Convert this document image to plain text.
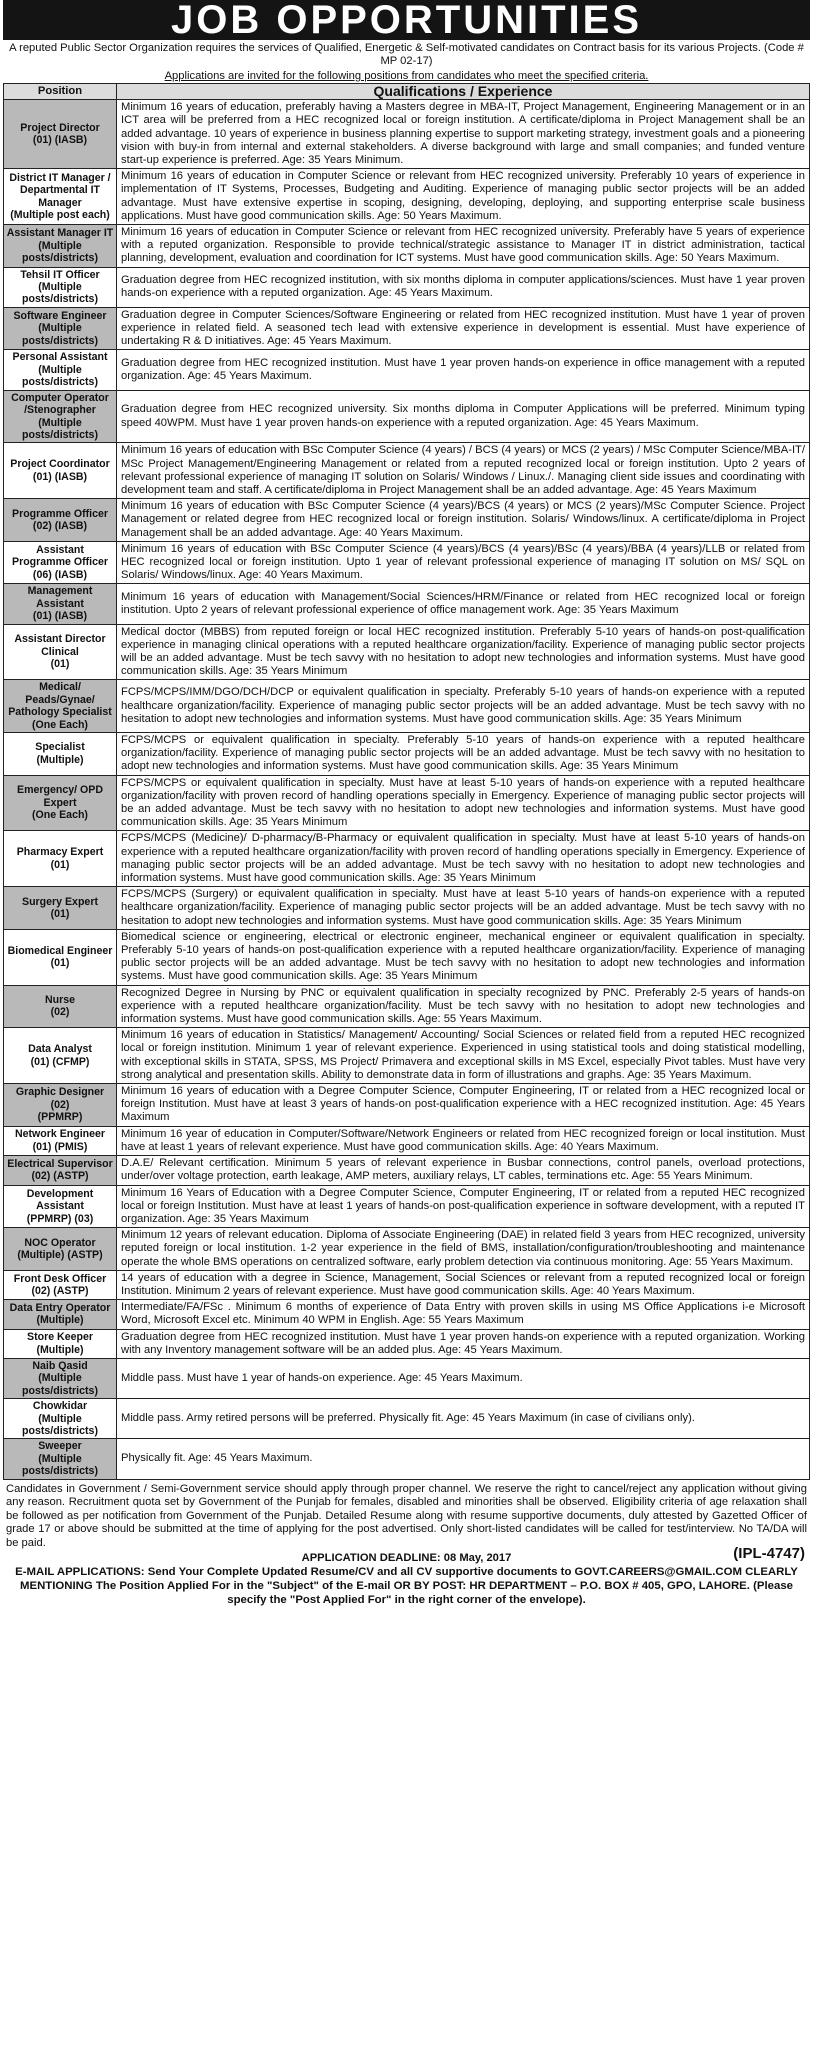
JOB OPPORTUNITIES
A reputed Public Sector Organization requires the services of Qualified, Energetic & Self-motivated candidates on Contract basis for its various Projects. (Code # MP 02-17)
Applications are invited for the following positions from candidates who meet the specified criteria.
Position	Qualifications / Experience

Project Director
(01) (IASB)	Minimum 16 years of education, preferably having a Masters degree in MBA-IT, Project Management, Engineering Management or in an ICT area will be preferred from a HEC recognized local or foreign institution. A certificate/diploma in Project Management shall be an added advantage. 10 years of experience in business planning expertise to support marketing strategy, investment goals and a pioneering vision with buy-in from internal and external stakeholders. A diverse background with large and small companies; and funded venture start-up experience is preferred. Age: 35 Years Minimum.

District IT Manager / Departmental IT Manager
(Multiple post each)	Minimum 16 years of education in Computer Science or relevant from HEC recognized university. Preferably 10 years of experience in implementation of IT Systems, Processes, Budgeting and Auditing. Experience of managing public sector projects will be an added advantage. Must have extensive expertise in scoping, designing, developing, deploying, and supporting enterprise scale business applications. Must have good communication skills. Age: 50 Years Maximum.

Assistant Manager IT
(Multiple posts/districts)	Minimum 16 years of education in Computer Science or relevant from HEC recognized university. Preferably have 5 years of experience with a reputed organization. Responsible to provide technical/strategic assistance to Manager IT in district administration, tactical planning, development, evaluation and coordination for ICT systems. Must have good communication skills. Age: 50 Years Maximum.

Tehsil IT Officer
(Multiple posts/districts)	Graduation degree from HEC recognized institution, with six months diploma in computer applications/sciences. Must have 1 year proven hands-on experience with a reputed organization. Age: 45 Years Maximum.

Software Engineer
(Multiple posts/districts)	Graduation degree in Computer Sciences/Software Engineering or related from HEC recognized institution. Must have 1 year of proven experience in related field. A seasoned tech lead with extensive experience in development is essential. Must have experience of undertaking R & D initiatives. Age: 45 Years Maximum.

Personal Assistant
(Multiple posts/districts)	Graduation degree from HEC recognized institution. Must have 1 year proven hands-on experience in office management with a reputed organization. Age: 45 Years Maximum.

Computer Operator /Stenographer
(Multiple posts/districts)	Graduation degree from HEC recognized university. Six months diploma in Computer Applications will be preferred. Minimum typing speed 40WPM. Must have 1 year proven hands-on experience with a reputed organization. Age: 45 Years Maximum.

Project Coordinator
(01) (IASB)	Minimum 16 years of education with BSc Computer Science (4 years) / BCS (4 years) or MCS (2 years) / MSc Computer Science/MBA-IT/ MSc Project Management/Engineering Management or related from a reputed recognized local or foreign institution. Upto 2 years of relevant professional experience of managing IT solution on Solaris/ Windows / Linux./. Managing client side issues and coordinating with development team and staff. A certificate/diploma in Project Management shall be an added advantage. Age: 45 Years Maximum

Programme Officer
(02) (IASB)	Minimum 16 years of education with BSc Computer Science (4 years)/BCS (4 years) or MCS (2 years)/MSc Computer Science. Project Management or related degree from HEC recognized local or foreign institution. Solaris/ Windows/linux. A certificate/diploma in Project Management shall be an added advantage. Age: 40 Years Maximum.

Assistant Programme Officer
(06) (IASB)	Minimum 16 years of education with BSc Computer Science (4 years)/BCS (4 years)/BSc (4 years)/BBA (4 years)/LLB or related from HEC recognized local or foreign institution. Upto 1 year of relevant professional experience of managing IT solution on MS/ SQL on Solaris/ Windows/linux. Age: 40 Years Maximum.

Management Assistant
(01) (IASB)	Minimum 16 years of education with Management/Social Sciences/HRM/Finance or related from HEC recognized local or foreign institution. Upto 2 years of relevant professional experience of office management work. Age: 35 Years Maximum

Assistant Director Clinical
(01)	Medical doctor (MBBS) from reputed foreign or local HEC recognized institution. Preferably 5-10 years of hands-on post-qualification experience in managing clinical operations with a reputed healthcare organization/facility. Experience of managing public sector projects will be an added advantage. Must be tech savvy with no hesitation to adopt new technologies and information systems. Must have good communication skills. Age: 35 Years Minimum

Medical/ Peads/Gynae/ Pathology Specialist
(One Each)	FCPS/MCPS/IMM/DGO/DCH/DCP or equivalent qualification in specialty. Preferably 5-10 years of hands-on experience with a reputed healthcare organization/facility. Experience of managing public sector projects will be an added advantage. Must be tech savvy with no hesitation to adopt new technologies and information systems. Must have good communication skills. Age: 35 Years Minimum

Specialist
(Multiple)	FCPS/MCPS or equivalent qualification in specialty. Preferably 5-10 years of hands-on experience with a reputed healthcare organization/facility. Experience of managing public sector projects will be an added advantage. Must be tech savvy with no hesitation to adopt new technologies and information systems. Must have good communication skills. Age: 35 Years Minimum

Emergency/ OPD Expert
(One Each)	FCPS/MCPS or equivalent qualification in specialty. Must have at least 5-10 years of hands-on experience with a reputed healthcare organization/facility with proven record of handling operations specially in Emergency. Experience of managing public sector projects will be an added advantage. Must be tech savvy with no hesitation to adopt new technologies and information systems. Must have good communication skills. Age: 35 Years Minimum

Pharmacy Expert
(01)	FCPS/MCPS (Medicine)/ D-pharmacy/B-Pharmacy or equivalent qualification in specialty. Must have at least 5-10 years of hands-on experience with a reputed healthcare organization/facility with proven record of handling operations specially in Emergency. Experience of managing public sector projects will be an added advantage. Must be tech savvy with no hesitation to adopt new technologies and information systems. Must have good communication skills. Age: 35 Years Minimum

Surgery Expert
(01)	FCPS/MCPS (Surgery) or equivalent qualification in specialty. Must have at least 5-10 years of hands-on experience with a reputed healthcare organization/facility. Experience of managing public sector projects will be an added advantage. Must be tech savvy with no hesitation to adopt new technologies and information systems. Must have good communication skills. Age: 35 Years Minimum

Biomedical Engineer
(01)	Biomedical science or engineering, electrical or electronic engineer, mechanical engineer or equivalent qualification in specialty. Preferably 5-10 years of hands-on post-qualification experience with a reputed healthcare organization/facility. Experience of managing public sector projects will be an added advantage. Must be tech savvy with no hesitation to adopt new technologies and information systems. Must have good communication skills. Age: 35 Years Minimum

Nurse
(02)	Recognized Degree in Nursing by PNC or equivalent qualification in specialty recognized by PNC. Preferably 2-5 years of hands-on experience with a reputed healthcare organization/facility. Must be tech savvy with no hesitation to adopt new technologies and information systems. Must have good communication skills. Age: 55 Years Maximum.

Data Analyst
(01) (CFMP)	Minimum 16 years of education in Statistics/ Management/ Accounting/ Social Sciences or related field from a reputed HEC recognized local or foreign institution. Minimum 1 year of relevant experience. Experienced in using statistical tools and doing statistical modelling, with exceptional skills in STATA, SPSS, MS Project/ Primavera and exceptional skills in MS Excel, especially Pivot tables. Must have very strong analytical and presentation skills. Ability to demonstrate data in form of illustrations and graphs. Age: 35 Years Maximum.

Graphic Designer (02)
(PPMRP)	Minimum 16 years of education with a Degree Computer Science, Computer Engineering, IT or related from a HEC recognized local or foreign Institution. Must have at least 3 years of hands-on post-qualification experience with a HEC recognized institution. Age: 45 Years Maximum

Network Engineer
(01) (PMIS)	Minimum 16 year of education in Computer/Software/Network Engineers or related from HEC recognized foreign or local institution. Must have at least 1 years of relevant experience. Must have good communication skills. Age: 40 Years Maximum.

Electrical Supervisor
(02) (ASTP)	D.A.E/ Relevant certification. Minimum 5 years of relevant experience in Busbar connections, control panels, overload protections, under/over voltage protection, earth leakage, AMP meters, auxiliary relays, LT cables, terminations etc. Age: 55 Years Minimum.

Development Assistant
(PPMRP) (03)	Minimum 16 Years of Education with a Degree Computer Science, Computer Engineering, IT or related from a reputed HEC recognized local or foreign Institution. Must have at least 1 years of hands-on post-qualification experience in software development, with a reputed IT organization. Age: 35 Years Maximum

NOC Operator
(Multiple) (ASTP)	Minimum 12 years of relevant education. Diploma of Associate Engineering (DAE) in related field 3 years from HEC recognized, university reputed foreign or local institution. 1-2 year experience in the field of BMS, installation/configuration/troubleshooting and maintenance operate the whole BMS operations on centralized software, early problem detection via continuous monitoring. Age: 55 Years Maximum.

Front Desk Officer
(02) (ASTP)	14 years of education with a degree in Science, Management, Social Sciences or relevant from a reputed recognized local or foreign Institution. Minimum 2 years of relevant experience. Must have good communication skills. Age: 40 Years Maximum.

Data Entry Operator
(Multiple)	Intermediate/FA/FSc . Minimum 6 months of experience of Data Entry with proven skills in using MS Office Applications i-e Microsoft Word, Microsoft Excel etc. Minimum 40 WPM in English. Age: 55 Years Maximum

Store Keeper
(Multiple)	Graduation degree from HEC recognized institution. Must have 1 year proven hands-on experience with a reputed organization. Working with any Inventory management software will be an added plus. Age: 45 Years Maximum.

Naib Qasid
(Multiple posts/districts)	Middle pass. Must have 1 year of hands-on experience. Age: 45 Years Maximum.

Chowkidar
(Multiple posts/districts)	Middle pass. Army retired persons will be preferred. Physically fit. Age: 45 Years Maximum (in case of civilians only).

Sweeper
(Multiple posts/districts)	Physically fit. Age: 45 Years Maximum.
Candidates in Government / Semi-Government service should apply through proper channel. We reserve the right to cancel/reject any application without giving any reason. Recruitment quota set by Government of the Punjab for females, disabled and minorities shall be observed. Eligibility criteria of age relaxation shall be followed as per notification from Government of the Punjab. Detailed Resume along with resume supportive documents, duly attested by Gazetted Officer of grade 17 or above should be submitted at the time of applying for the post advertised. Only short-listed candidates will be called for test/interview. No TA/DA will be paid.
APPLICATION DEADLINE: 08 May, 2017	(IPL-4747)
E-MAIL APPLICATIONS: Send Your Complete Updated Resume/CV and all CV supportive documents to GOVT.CAREERS@GMAIL.COM CLEARLY MENTIONING The Position Applied For in the "Subject" of the E-mail OR BY POST: HR DEPARTMENT – P.O. BOX # 405, GPO, LAHORE. (Please specify the "Post Applied For" in the right corner of the envelope).
